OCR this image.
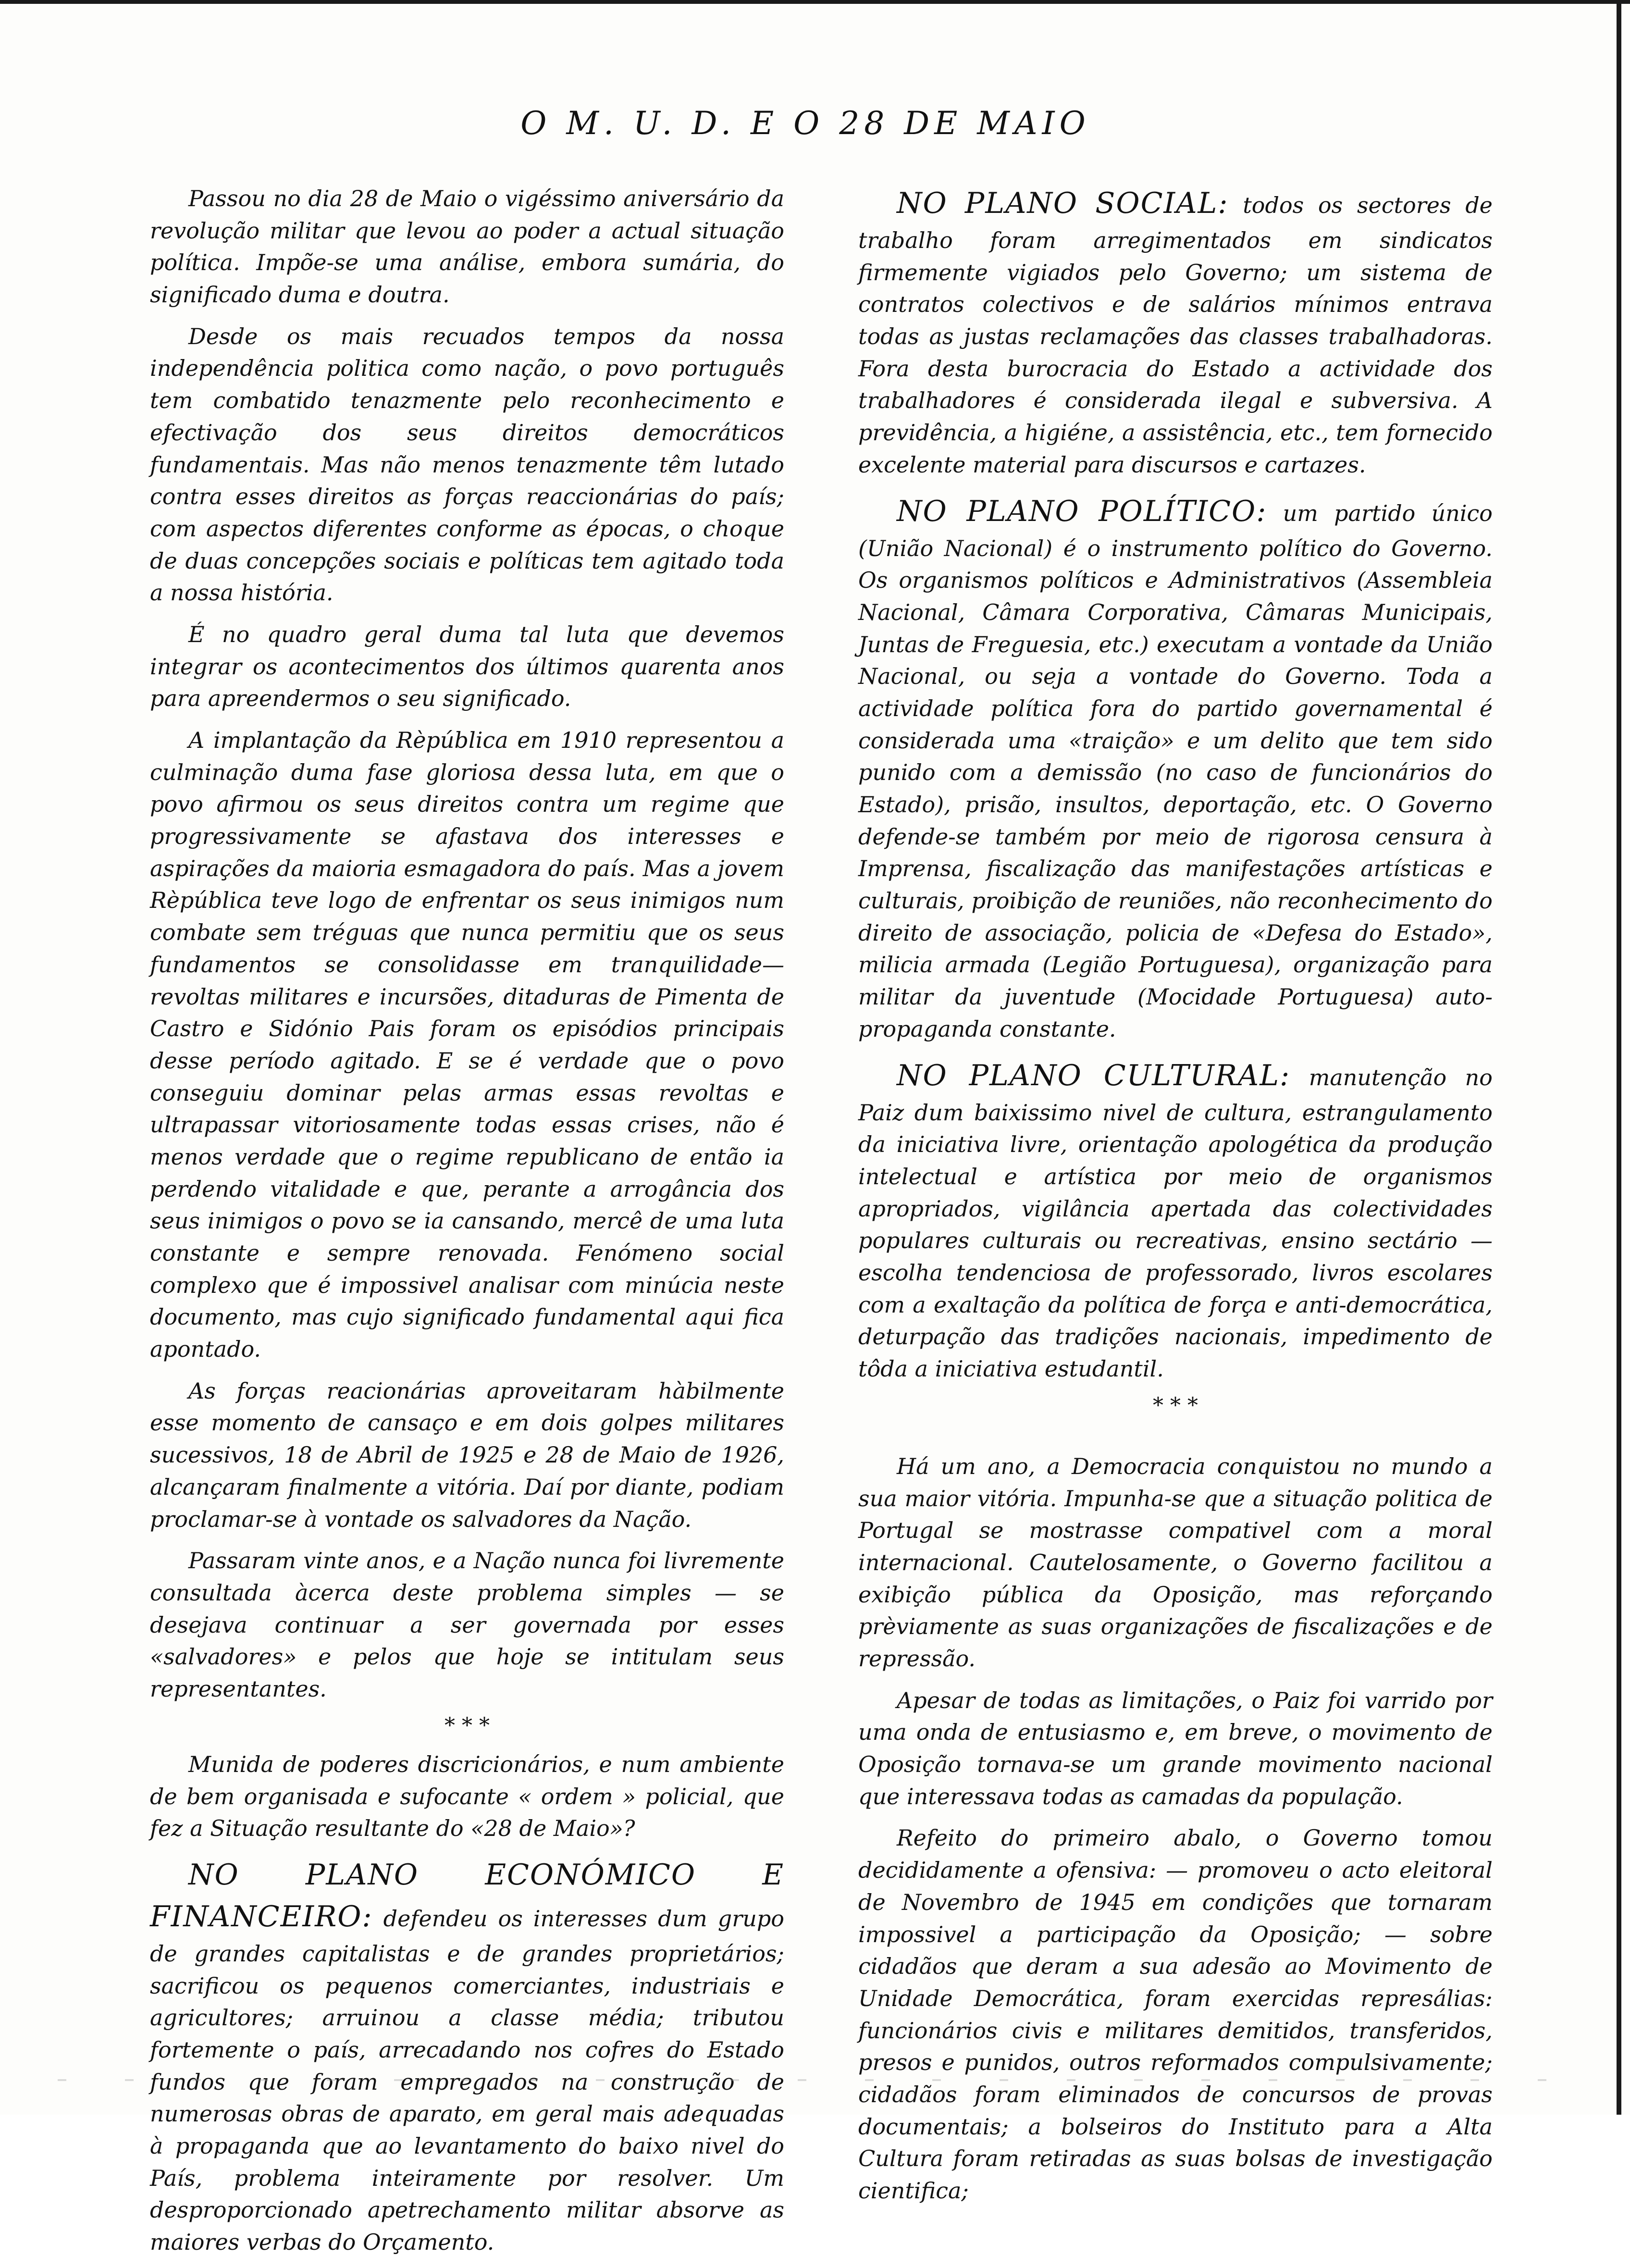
O M. U. D. E O 28 DE MAIO

Passou no dia 28 de Maio o vigéssimo aniversário da revolução militar que levou ao poder a actual situação política. Impõe-se uma análise, embora sumária, do significado duma e doutra.

Desde os mais recuados tempos da nossa independência politica como nação, o povo português tem combatido tenazmente pelo reconhecimento e efectivação dos seus direitos democráticos fundamentais. Mas não menos tenazmente têm lutado contra esses direitos as forças reaccionárias do país; com aspectos diferentes conforme as épocas, o choque de duas concepções sociais e políticas tem agitado toda a nossa história.

É no quadro geral duma tal luta que devemos integrar os acontecimentos dos últimos quarenta anos para apreendermos o seu significado.

A implantação da Rèpública em 1910 representou a culminação duma fase gloriosa dessa luta, em que o povo afirmou os seus direitos contra um regime que progressivamente se afastava dos interesses e aspirações da maioria esmagadora do país. Mas a jovem Rèpública teve logo de enfrentar os seus inimigos num combate sem tréguas que nunca permitiu que os seus fundamentos se consolidasse em tranquilidade— revoltas militares e incursões, ditaduras de Pimenta de Castro e Sidónio Pais foram os episódios principais desse período agitado. E se é verdade que o povo conseguiu dominar pelas armas essas revoltas e ultrapassar vitoriosamente todas essas crises, não é menos verdade que o regime republicano de então ia perdendo vitalidade e que, perante a arrogância dos seus inimigos o povo se ia cansando, mercê de uma luta constante e sempre renovada. Fenómeno social complexo que é impossivel analisar com minúcia neste documento, mas cujo significado fundamental aqui fica apontado.

As forças reacionárias aproveitaram hàbilmente esse momento de cansaço e em dois golpes militares sucessivos, 18 de Abril de 1925 e 28 de Maio de 1926, alcançaram finalmente a vitória. Daí por diante, podiam proclamar-se à vontade os salvadores da Nação.

Passaram vinte anos, e a Nação nunca foi livremente consultada àcerca deste problema simples — se desejava continuar a ser governada por esses «salvadores» e pelos que hoje se intitulam seus representantes.

* * *

Munida de poderes discricionários, e num ambiente de bem organisada e sufocante « ordem » policial, que fez a Situação resultante do «28 de Maio»?

NO PLANO ECONÓMICO E FINANCEIRO: defendeu os interesses dum grupo de grandes capitalistas e de grandes proprietários; sacrificou os pequenos comerciantes, industriais e agricultores; arruinou a classe média; tributou fortemente o país, arrecadando nos cofres do Estado fundos que foram empregados na construção de numerosas obras de aparato, em geral mais adequadas à propaganda que ao levantamento do baixo nivel do País, problema inteiramente por resolver. Um desproporcionado apetrechamento militar absorve as maiores verbas do Orçamento.

NO PLANO SOCIAL: todos os sectores de trabalho foram arregimentados em sindicatos firmemente vigiados pelo Governo; um sistema de contratos colectivos e de salários mínimos entrava todas as justas reclamações das classes trabalhadoras. Fora desta burocracia do Estado a actividade dos trabalhadores é considerada ilegal e subversiva. A previdência, a higiéne, a assistência, etc., tem fornecido excelente material para discursos e cartazes.

NO PLANO POLÍTICO: um partido único (União Nacional) é o instrumento político do Governo. Os organismos políticos e Administrativos (Assembleia Nacional, Câmara Corporativa, Câmaras Municipais, Juntas de Freguesia, etc.) executam a vontade da União Nacional, ou seja a vontade do Governo. Toda a actividade política fora do partido governamental é considerada uma «traição» e um delito que tem sido punido com a demissão (no caso de funcionários do Estado), prisão, insultos, deportação, etc. O Governo defende-se também por meio de rigorosa censura à Imprensa, fiscalização das manifestações artísticas e culturais, proibição de reuniões, não reconhecimento do direito de associação, policia de «Defesa do Estado», milicia armada (Legião Portuguesa), organização para militar da juventude (Mocidade Portuguesa) auto-propaganda constante.

NO PLANO CULTURAL: manutenção no Paiz dum baixissimo nivel de cultura, estrangulamento da iniciativa livre, orientação apologética da produção intelectual e artística por meio de organismos apropriados, vigilância apertada das colectividades populares culturais ou recreativas, ensino sectário — escolha tendenciosa de professorado, livros escolares com a exaltação da política de força e anti-democrática, deturpação das tradições nacionais, impedimento de tôda a iniciativa estudantil.

* * *

Há um ano, a Democracia conquistou no mundo a sua maior vitória. Impunha-se que a situação politica de Portugal se mostrasse compativel com a moral internacional. Cautelosamente, o Governo facilitou a exibição pública da Oposição, mas reforçando prèviamente as suas organizações de fiscalizações e de repressão.

Apesar de todas as limitações, o Paiz foi varrido por uma onda de entusiasmo e, em breve, o movimento de Oposição tornava-se um grande movimento nacional que interessava todas as camadas da população.

Refeito do primeiro abalo, o Governo tomou decididamente a ofensiva: — promoveu o acto eleitoral de Novembro de 1945 em condições que tornaram impossivel a participação da Oposição; — sobre cidadãos que deram a sua adesão ao Movimento de Unidade Democrática, foram exercidas represálias: funcionários civis e militares demitidos, transferidos, presos e punidos, outros reformados compulsivamente; cidadãos foram eliminados de concursos de provas documentais; a bolseiros do Instituto para a Alta Cultura foram retiradas as suas bolsas de investigação cientifica;
